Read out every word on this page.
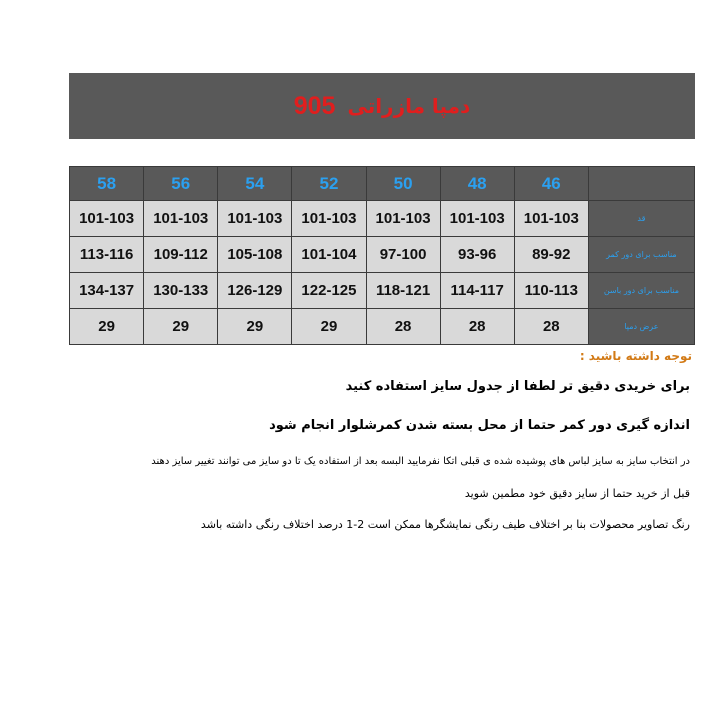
دمپا مازراتی
905
	46	48	50	52	54	56	58
قد	101-103	101-103	101-103	101-103	101-103	101-103	101-103
مناسب برای دور کمر	89-92	93-96	97-100	101-104	105-108	109-112	113-116
مناسب برای دور باسن	110-113	114-117	118-121	122-125	126-129	130-133	134-137
عرض دمپا	28	28	28	29	29	29	29
توجه داشته باشید :
برای خریدی دقیق تر لطفا از جدول سایز استفاده کنید
اندازه گیری دور کمر حتما از محل بسته شدن کمرشلوار انجام شود
در انتخاب سایز به سایز لباس های پوشیده شده ی قبلی اتکا نفرمایید البسه بعد از استفاده یک تا دو سایز می توانند تغییر سایز دهند
قبل از خرید حتما از سایز دقیق خود مطمین شوید
رنگ تصاویر محصولات بنا بر اختلاف طیف رنگی نمایشگرها ممکن است 2-1 درصد اختلاف رنگی داشته باشد
